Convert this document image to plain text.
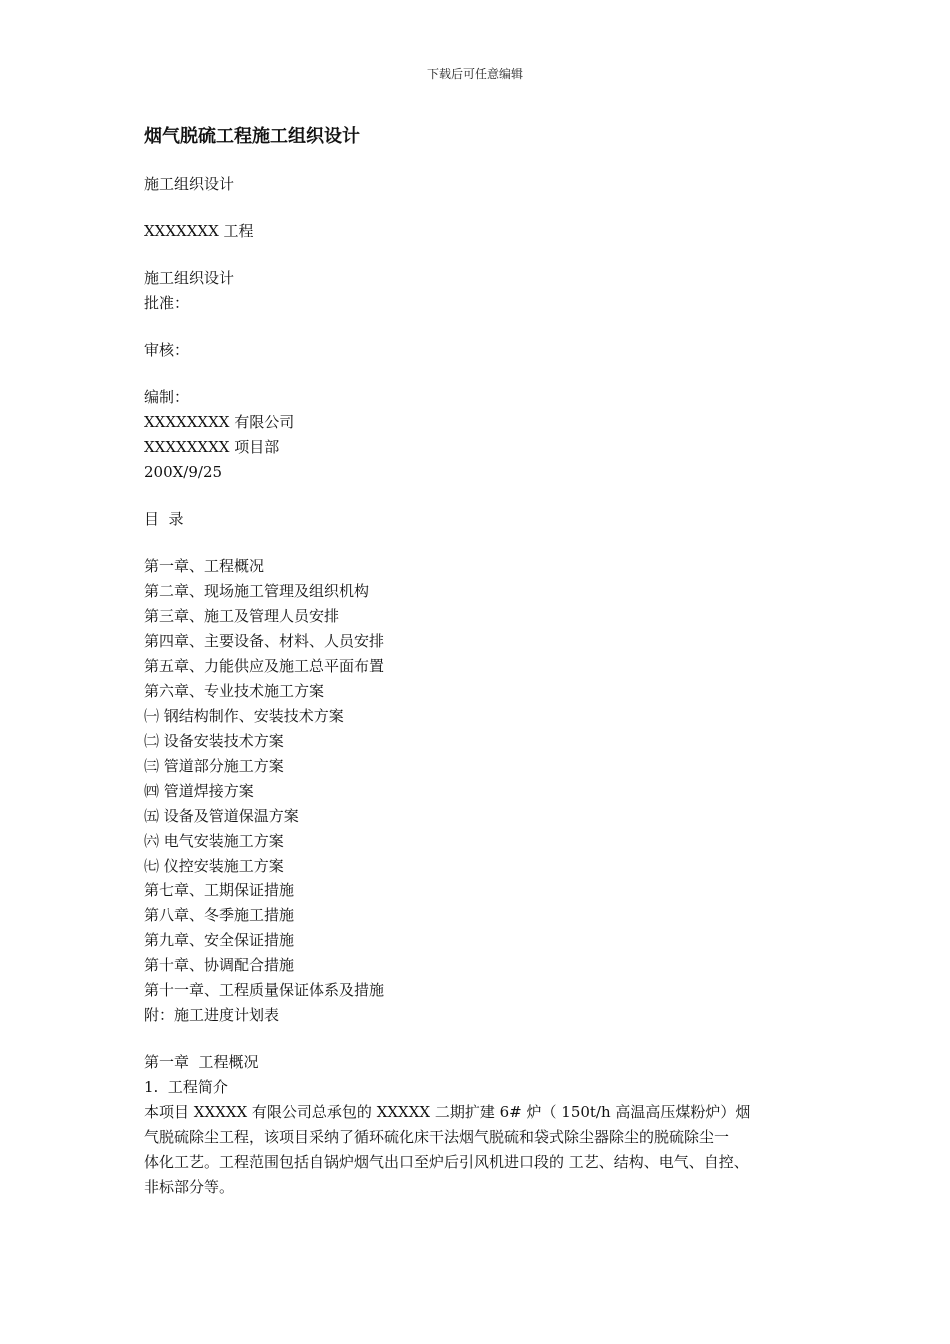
下载后可任意编辑
烟气脱硫工程施工组织设计
施工组织设计
XXXXXXX 工程
施工组织设计
批准：
审核：
编制：
XXXXXXXX 有限公司
XXXXXXXX 项目部
200X/9/25
目  录
第一章、工程概况
第二章、现场施工管理及组织机构
第三章、施工及管理人员安排
第四章、主要设备、材料、人员安排
第五章、力能供应及施工总平面布置
第六章、专业技术施工方案
㈠ 钢结构制作、安装技术方案
㈡ 设备安装技术方案
㈢ 管道部分施工方案
㈣ 管道焊接方案
㈤ 设备及管道保温方案
㈥ 电气安装施工方案
㈦ 仪控安装施工方案
第七章、工期保证措施
第八章、冬季施工措施
第九章、安全保证措施
第十章、协调配合措施
第十一章、工程质量保证体系及措施
附：施工进度计划表
第一章  工程概况
1.  工程简介
本项目 XXXXX 有限公司总承包的 XXXXX 二期扩建 6# 炉（ 150t/h 高温高压煤粉炉）烟
气脱硫除尘工程，该项目采纳了循环硫化床干法烟气脱硫和袋式除尘器除尘的脱硫除尘一
体化工艺。工程范围包括自锅炉烟气出口至炉后引风机进口段的 工艺、结构、电气、自控、
非标部分等。
